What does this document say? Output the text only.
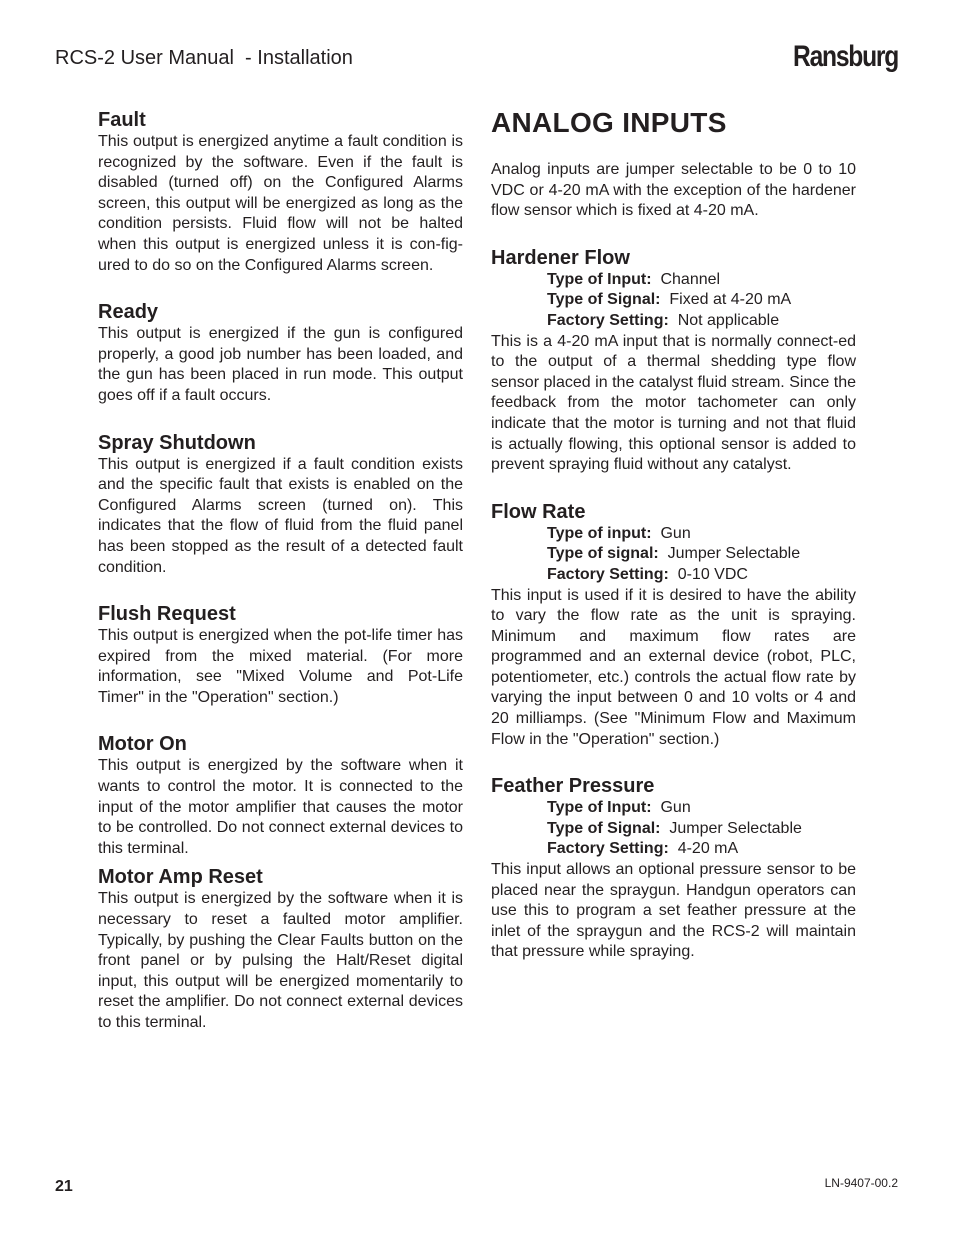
RCS-2 User Manual  - Installation	Ransburg
Fault

This output is energized anytime a fault condition is recognized by the software. Even if the fault is disabled (turned off) on the Configured Alarms screen, this output will be energized as long as the condition persists. Fluid flow will not be halted when this output is energized unless it is con-fig-ured to do so on the Configured Alarms screen.

Ready

This output is energized if the gun is configured properly, a good job number has been loaded, and the gun has been placed in run mode. This output goes off if a fault occurs.

Spray Shutdown

This output is energized if a fault condition exists and the specific fault that exists is enabled on the Configured Alarms screen (turned on). This indicates that the flow of fluid from the fluid panel has been stopped as the result of a detected fault condition.

Flush Request

This output is energized when the pot-life timer has expired from the mixed material. (For more information, see "Mixed Volume and Pot-Life Timer" in the "Operation" section.)

Motor On

This output is energized by the software when it wants to control the motor. It is connected to the input of the motor amplifier that causes the motor to be controlled. Do not connect external devices to this terminal.

Motor Amp Reset

This output is energized by the software when it is necessary to reset a faulted motor amplifier. Typically, by pushing the Clear Faults button on the front panel or by pulsing the Halt/Reset digital input, this output will be energized momentarily to reset the amplifier. Do not connect external devices to this terminal.

ANALOG INPUTS

Analog inputs are jumper selectable to be 0 to 10 VDC or 4-20 mA with the exception of the hardener flow sensor which is fixed at 4-20 mA.

Hardener Flow

Type of Input: Channel

Type of Signal: Fixed at 4-20 mA

Factory Setting: Not applicable

This is a 4-20 mA input that is normally connect-ed to the output of a thermal shedding type flow sensor placed in the catalyst fluid stream. Since the feedback from the motor tachometer can only indicate that the motor is turning and not that fluid is actually flowing, this optional sensor is added to prevent spraying fluid without any catalyst.

Flow Rate

Type of input: Gun

Type of signal: Jumper Selectable

Factory Setting: 0-10 VDC

This input is used if it is desired to have the ability to vary the flow rate as the unit is spraying. Minimum and maximum flow rates are programmed and an external device (robot, PLC, potentiometer, etc.) controls the actual flow rate by varying the input between 0 and 10 volts or 4 and 20 milliamps. (See "Minimum Flow and Maximum Flow in the "Operation" section.)

Feather Pressure

Type of Input: Gun

Type of Signal: Jumper Selectable

Factory Setting: 4-20 mA

This input allows an optional pressure sensor to be placed near the spraygun. Handgun operators can use this to program a set feather pressure at the inlet of the spraygun and the RCS-2 will maintain that pressure while spraying.

21	LN-9407-00.2
